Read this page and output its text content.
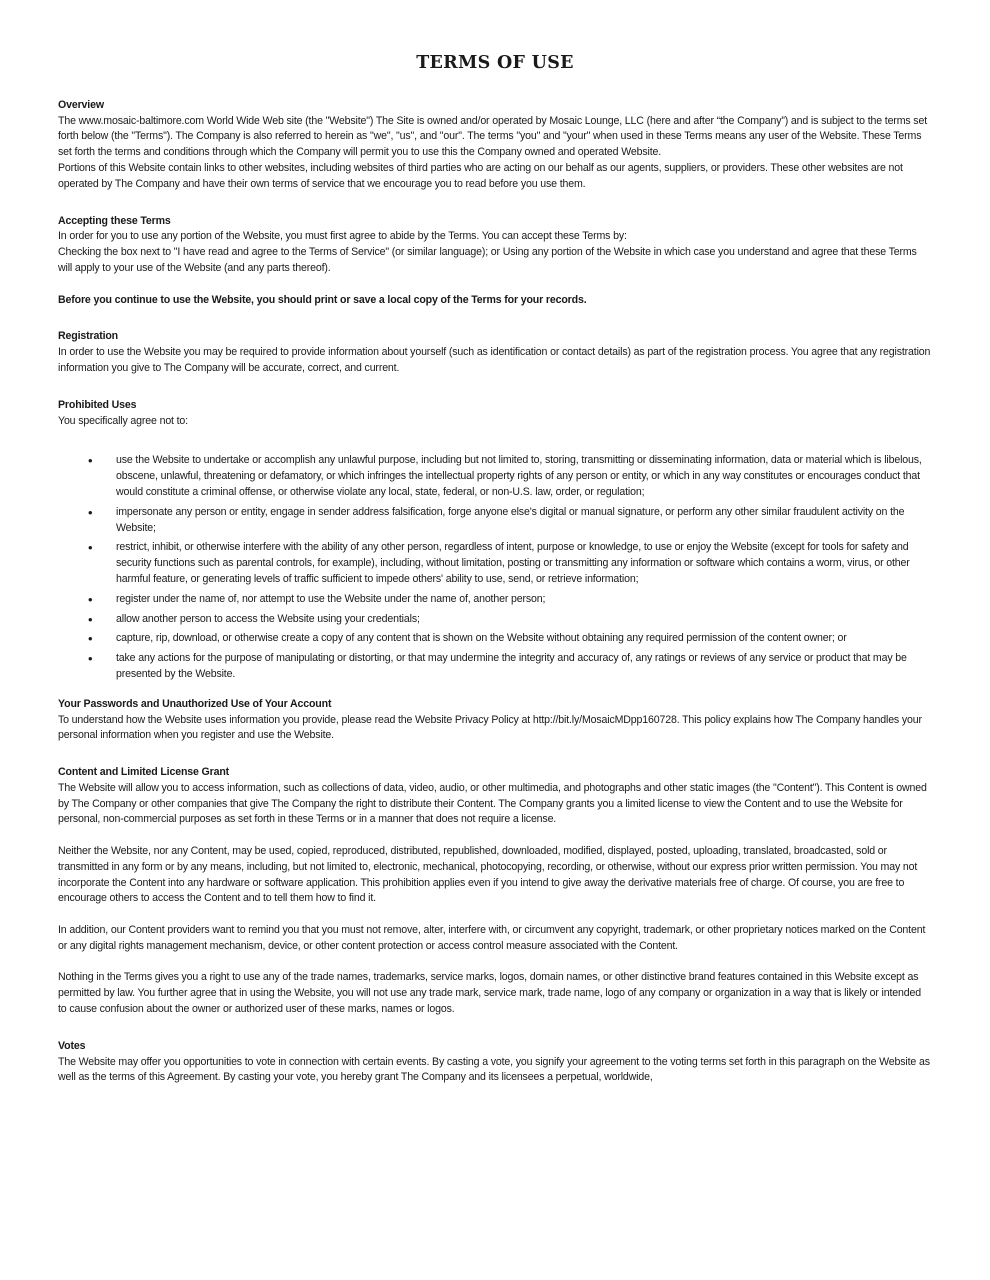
TERMS OF USE

Overview

The www.mosaic-baltimore.com World Wide Web site (the "Website") The Site is owned and/or operated by Mosaic Lounge, LLC (here and after “the Company”) and is subject to the terms set forth below (the "Terms"). The Company is also referred to herein as "we", "us", and "our". The terms "you" and "your" when used in these Terms means any user of the Website. These Terms set forth the terms and conditions through which the Company will permit you to use this the Company owned and operated Website.

Portions of this Website contain links to other websites, including websites of third parties who are acting on our behalf as our agents, suppliers, or providers. These other websites are not operated by The Company and have their own terms of service that we encourage you to read before you use them.

Accepting these Terms

In order for you to use any portion of the Website, you must first agree to abide by the Terms. You can accept these Terms by:

Checking the box next to "I have read and agree to the Terms of Service" (or similar language); or Using any portion of the Website in which case you understand and agree that these Terms will apply to your use of the Website (and any parts thereof).

Before you continue to use the Website, you should print or save a local copy of the Terms for your records.

Registration

In order to use the Website you may be required to provide information about yourself (such as identification or contact details) as part of the registration process. You agree that any registration information you give to The Company will be accurate, correct, and current.

Prohibited Uses

You specifically agree not to:

• use the Website to undertake or accomplish any unlawful purpose, including but not limited to, storing, transmitting or disseminating information, data or material which is libelous, obscene, unlawful, threatening or defamatory, or which infringes the intellectual property rights of any person or entity, or which in any way constitutes or encourages conduct that would constitute a criminal offense, or otherwise violate any local, state, federal, or non-U.S. law, order, or regulation;
• impersonate any person or entity, engage in sender address falsification, forge anyone else's digital or manual signature, or perform any other similar fraudulent activity on the Website;
• restrict, inhibit, or otherwise interfere with the ability of any other person, regardless of intent, purpose or knowledge, to use or enjoy the Website (except for tools for safety and security functions such as parental controls, for example), including, without limitation, posting or transmitting any information or software which contains a worm, virus, or other harmful feature, or generating levels of traffic sufficient to impede others' ability to use, send, or retrieve information;
• register under the name of, nor attempt to use the Website under the name of, another person;
• allow another person to access the Website using your credentials;
• capture, rip, download, or otherwise create a copy of any content that is shown on the Website without obtaining any required permission of the content owner; or
• take any actions for the purpose of manipulating or distorting, or that may undermine the integrity and accuracy of, any ratings or reviews of any service or product that may be presented by the Website.

Your Passwords and Unauthorized Use of Your Account

To understand how the Website uses information you provide, please read the Website Privacy Policy at http://bit.ly/MosaicMDpp160728. This policy explains how The Company handles your personal information when you register and use the Website.

Content and Limited License Grant

The Website will allow you to access information, such as collections of data, video, audio, or other multimedia, and photographs and other static images (the "Content"). This Content is owned by The Company or other companies that give The Company the right to distribute their Content. The Company grants you a limited license to view the Content and to use the Website for personal, non-commercial purposes as set forth in these Terms or in a manner that does not require a license.

Neither the Website, nor any Content, may be used, copied, reproduced, distributed, republished, downloaded, modified, displayed, posted, uploading, translated, broadcasted, sold or transmitted in any form or by any means, including, but not limited to, electronic, mechanical, photocopying, recording, or otherwise, without our express prior written permission. You may not incorporate the Content into any hardware or software application. This prohibition applies even if you intend to give away the derivative materials free of charge. Of course, you are free to encourage others to access the Content and to tell them how to find it.

In addition, our Content providers want to remind you that you must not remove, alter, interfere with, or circumvent any copyright, trademark, or other proprietary notices marked on the Content or any digital rights management mechanism, device, or other content protection or access control measure associated with the Content.

Nothing in the Terms gives you a right to use any of the trade names, trademarks, service marks, logos, domain names, or other distinctive brand features contained in this Website except as permitted by law. You further agree that in using the Website, you will not use any trade mark, service mark, trade name, logo of any company or organization in a way that is likely or intended to cause confusion about the owner or authorized user of these marks, names or logos.

Votes

The Website may offer you opportunities to vote in connection with certain events. By casting a vote, you signify your agreement to the voting terms set forth in this paragraph on the Website as well as the terms of this Agreement. By casting your vote, you hereby grant The Company and its licensees a perpetual, worldwide,
